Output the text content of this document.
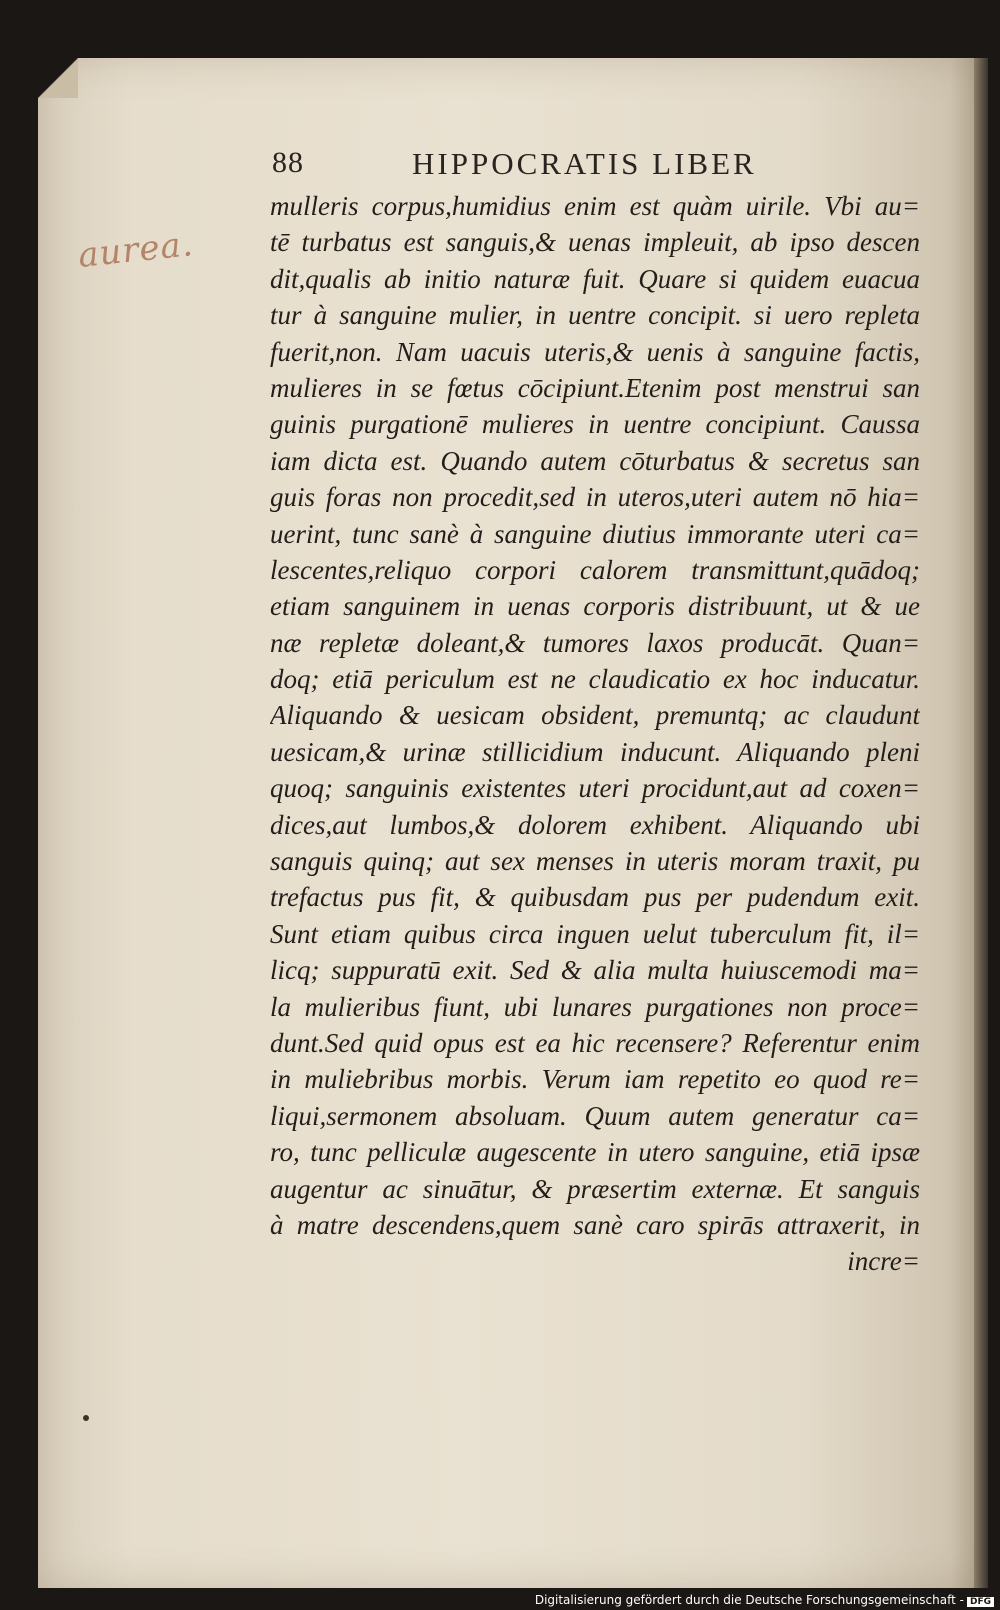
88	HIPPOCRATIS LIBER
aurea.
mulleris corpus,humidius enim est quàm uirile. Vbi au=
tē turbatus est sanguis,& uenas impleuit, ab ipso descen
dit,qualis ab initio naturæ fuit. Quare si quidem euacua
tur à sanguine mulier, in uentre concipit. si uero repleta
fuerit,non. Nam uacuis uteris,& uenis à sanguine factis,
mulieres in se fœtus cōcipiunt.Etenim post menstrui san
guinis purgationē mulieres in uentre concipiunt. Caussa
iam dicta est. Quando autem cōturbatus & secretus san
guis foras non procedit,sed in uteros,uteri autem nō hia=
uerint, tunc sanè à sanguine diutius immorante uteri ca=
lescentes,reliquo corpori calorem transmittunt,quādoq;
etiam sanguinem in uenas corporis distribuunt, ut & ue
næ repletæ doleant,& tumores laxos producāt. Quan=
doq; etiā periculum est ne claudicatio ex hoc inducatur.
Aliquando & uesicam obsident, premuntq; ac claudunt
uesicam,& urinæ stillicidium inducunt. Aliquando pleni
quoq; sanguinis existentes uteri procidunt,aut ad coxen=
dices,aut lumbos,& dolorem exhibent. Aliquando ubi
sanguis quinq; aut sex menses in uteris moram traxit, pu
trefactus pus fit, & quibusdam pus per pudendum exit.
Sunt etiam quibus circa inguen uelut tuberculum fit, il=
licq; suppuratū exit. Sed & alia multa huiuscemodi ma=
la mulieribus fiunt, ubi lunares purgationes non proce=
dunt.Sed quid opus est ea hic recensere? Referentur enim
in muliebribus morbis. Verum iam repetito eo quod re=
liqui,sermonem absoluam. Quum autem generatur ca=
ro, tunc pelliculæ augescente in utero sanguine, etiā ipsæ
augentur ac sinuātur, & præsertim externæ. Et sanguis
à matre descendens,quem sanè caro spirās attraxerit, in
incre=
Digitalisierung gefördert durch die Deutsche Forschungsgemeinschaft - DFG
